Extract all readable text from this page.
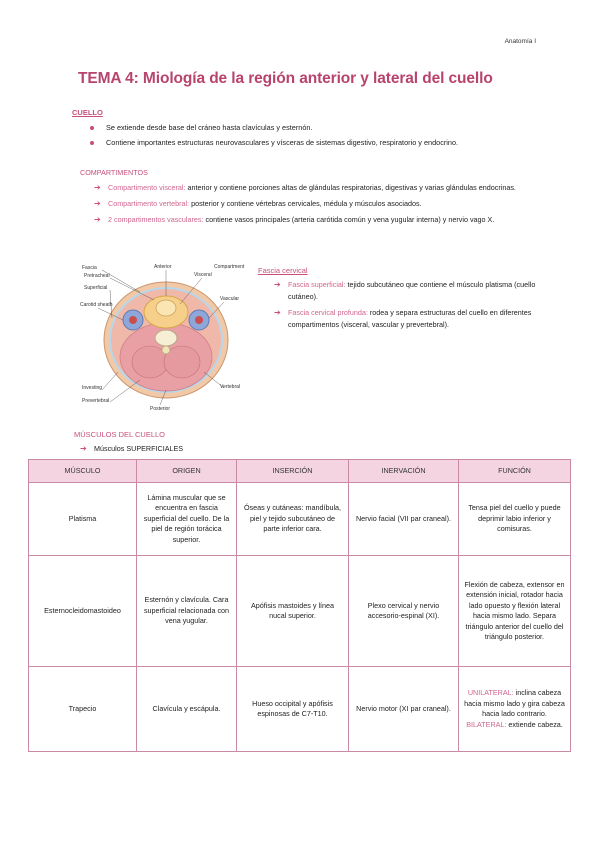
Anatomía I
TEMA 4: Miología de la región anterior y lateral del cuello
CUELLO
Se extiende desde base del cráneo hasta clavículas y esternón.
Contiene importantes estructuras neurovasculares y vísceras de sistemas digestivo, respiratorio y endocrino.
COMPARTIMENTOS
➔ Compartimento visceral: anterior y contiene porciones altas de glándulas respiratorias, digestivas y varias glándulas endocrinas.
➔ Compartimento vertebral: posterior y contiene vértebras cervicales, médula y músculos asociados.
➔ 2 compartimentos vasculares: contiene vasos principales (arteria carótida común y vena yugular interna) y nervio vago X.
Fascia
Pretracheal
Superficial
Carotid sheath
Anterior
Visceral
Compartment
Vascular
Investing
Prevertebral
Vertebral
Posterior
Fascia cervical
➔ Fascia superficial: tejido subcutáneo que contiene el músculo platisma (cuello cutáneo).
➔ Fascia cervical profunda: rodea y separa estructuras del cuello en diferentes compartimentos (visceral, vascular y prevertebral).
MÚSCULOS DEL CUELLO
➔ Músculos SUPERFICIALES
MÚSCULO	ORIGEN	INSERCIÓN	INERVACIÓN	FUNCIÓN
Platisma	Lámina muscular que se encuentra en fascia superficial del cuello. De la piel de región torácica superior.	Óseas y cutáneas: mandíbula, piel y tejido subcutáneo de parte inferior cara.	Nervio facial (VII par craneal).	Tensa piel del cuello y puede deprimir labio inferior y comisuras.
Esternocleidomastoideo	Esternón y clavícula. Cara superficial relacionada con vena yugular.	Apófisis mastoides y línea nucal superior.	Plexo cervical y nervio accesorio-espinal (XI).	Flexión de cabeza, extensor en extensión inicial, rotador hacia lado opuesto y flexión lateral hacia mismo lado. Separa triángulo anterior del cuello del triángulo posterior.
Trapecio	Clavícula y escápula.	Hueso occipital y apófisis espinosas de C7-T10.	Nervio motor (XI par craneal).	UNILATERAL: inclina cabeza hacia mismo lado y gira cabeza hacia lado contrario.
BILATERAL: extiende cabeza.
